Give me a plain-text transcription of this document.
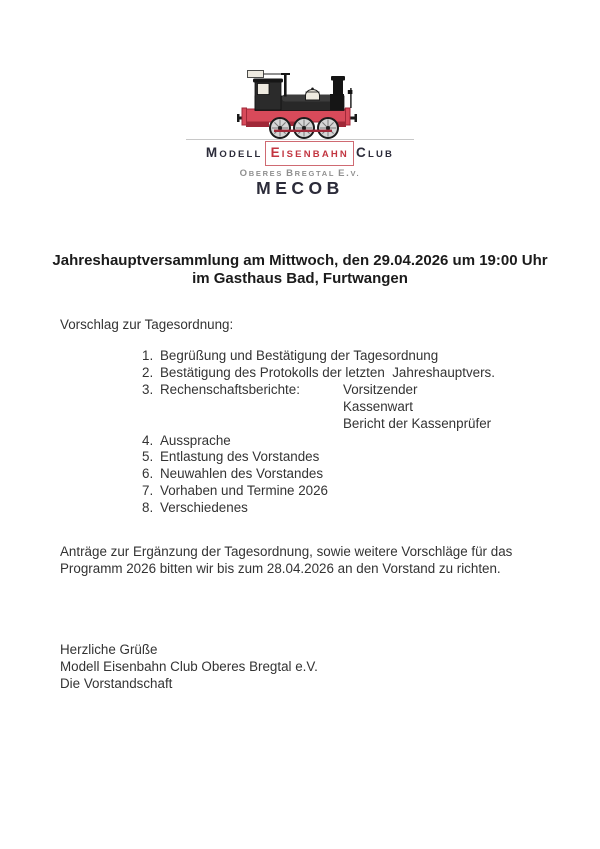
MODELL EISENBAHN CLUB
OBERES BREGTAL E.V.
MECOB
Jahreshauptversammlung am Mittwoch, den 29.04.2026 um 19:00 Uhr
im Gasthaus Bad, Furtwangen
Vorschlag zur Tagesordnung:
1. Begrüßung und Bestätigung der Tagesordnung
2. Bestätigung des Protokolls der letzten  Jahreshauptvers.
3. Rechenschaftsberichte:	Vorsitzender
Kassenwart
Bericht der Kassenprüfer
4. Aussprache
5. Entlastung des Vorstandes
6. Neuwahlen des Vorstandes
7. Vorhaben und Termine 2026
8. Verschiedenes
Anträge zur Ergänzung der Tagesordnung, sowie weitere Vorschläge für das
Programm 2026 bitten wir bis zum 28.04.2026 an den Vorstand zu richten.
Herzliche Grüße
Modell Eisenbahn Club Oberes Bregtal e.V.
Die Vorstandschaft
